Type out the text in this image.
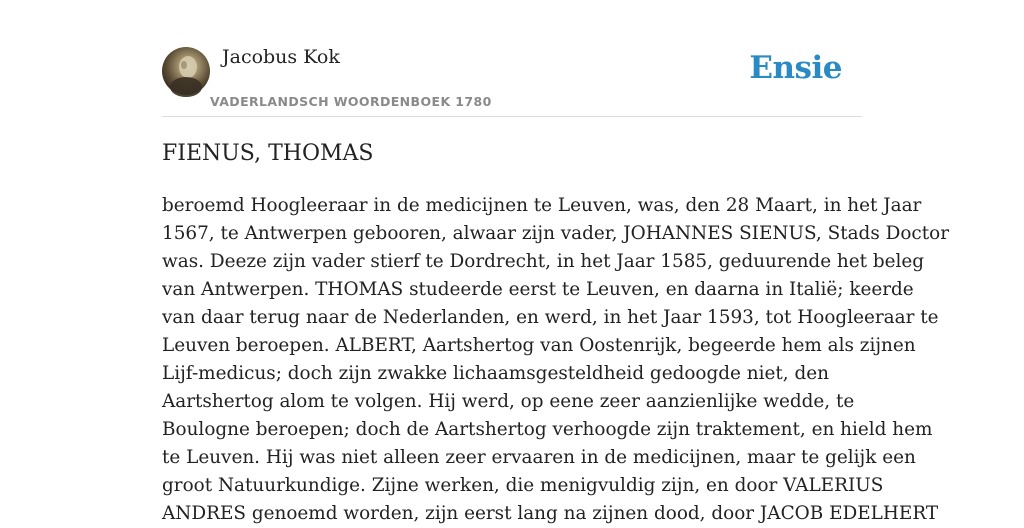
Jacobus Kok
VADERLANDSCH WOORDENBOEK 1780
Ensie
FIENUS, THOMAS
beroemd Hoogleeraar in de medicijnen te Leuven, was, den 28 Maart, in het Jaar
1567, te Antwerpen gebooren, alwaar zijn vader, JOHANNES SIENUS, Stads Doctor
was. Deeze zijn vader stierf te Dordrecht, in het Jaar 1585, geduurende het beleg
van Antwerpen. THOMAS studeerde eerst te Leuven, en daarna in Italië; keerde
van daar terug naar de Nederlanden, en werd, in het Jaar 1593, tot Hoogleeraar te
Leuven beroepen. ALBERT, Aartshertog van Oostenrijk, begeerde hem als zijnen
Lijf-medicus; doch zijn zwakke lichaamsgesteldheid gedoogde niet, den
Aartshertog alom te volgen. Hij werd, op eene zeer aanzienlijke wedde, te
Boulogne beroepen; doch de Aartshertog verhoogde zijn traktement, en hield hem
te Leuven. Hij was niet alleen zeer ervaaren in de medicijnen, maar te gelijk een
groot Natuurkundige. Zijne werken, die menigvuldig zijn, en door VALERIUS
ANDRES genoemd worden, zijn eerst lang na zijnen dood, door JACOB EDELHERT
